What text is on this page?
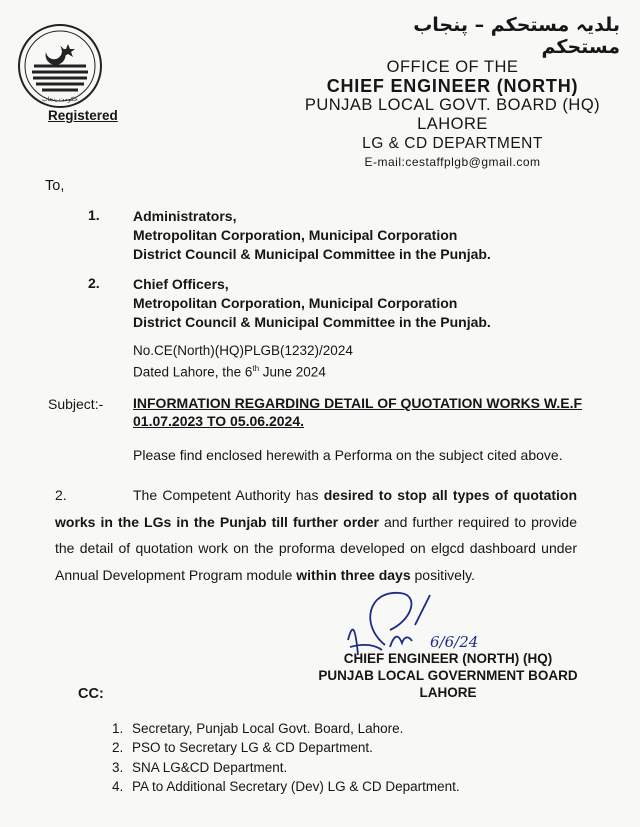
حکومت پنجاب
بلدیہ مستحکم – پنجاب مستحکم
OFFICE OF THE
CHIEF ENGINEER (NORTH)
PUNJAB LOCAL GOVT. BOARD (HQ) LAHORE
LG & CD DEPARTMENT
E-mail:cestaffplgb@gmail.com
Registered
To,
1. Administrators,
Metropolitan Corporation, Municipal Corporation
District Council & Municipal Committee in the Punjab.
2. Chief Officers,
Metropolitan Corporation, Municipal Corporation
District Council & Municipal Committee in the Punjab.
No.CE(North)(HQ)PLGB(1232)/2024
Dated Lahore, the 6th June 2024
Subject:- INFORMATION REGARDING DETAIL OF QUOTATION WORKS W.E.F 01.07.2023 TO 05.06.2024.
Please find enclosed herewith a Performa on the subject cited above.
2.	The Competent Authority has desired to stop all types of quotation works in the LGs in the Punjab till further order and further required to provide the detail of quotation work on the proforma developed on elgcd dashboard under Annual Development Program module within three days positively.
6/6/24
CHIEF ENGINEER (NORTH) (HQ)
PUNJAB LOCAL GOVERNMENT BOARD
LAHORE
CC:
1. Secretary, Punjab Local Govt. Board, Lahore.
2. PSO to Secretary LG & CD Department.
3. SNA LG&CD Department.
4. PA to Additional Secretary (Dev) LG & CD Department.
